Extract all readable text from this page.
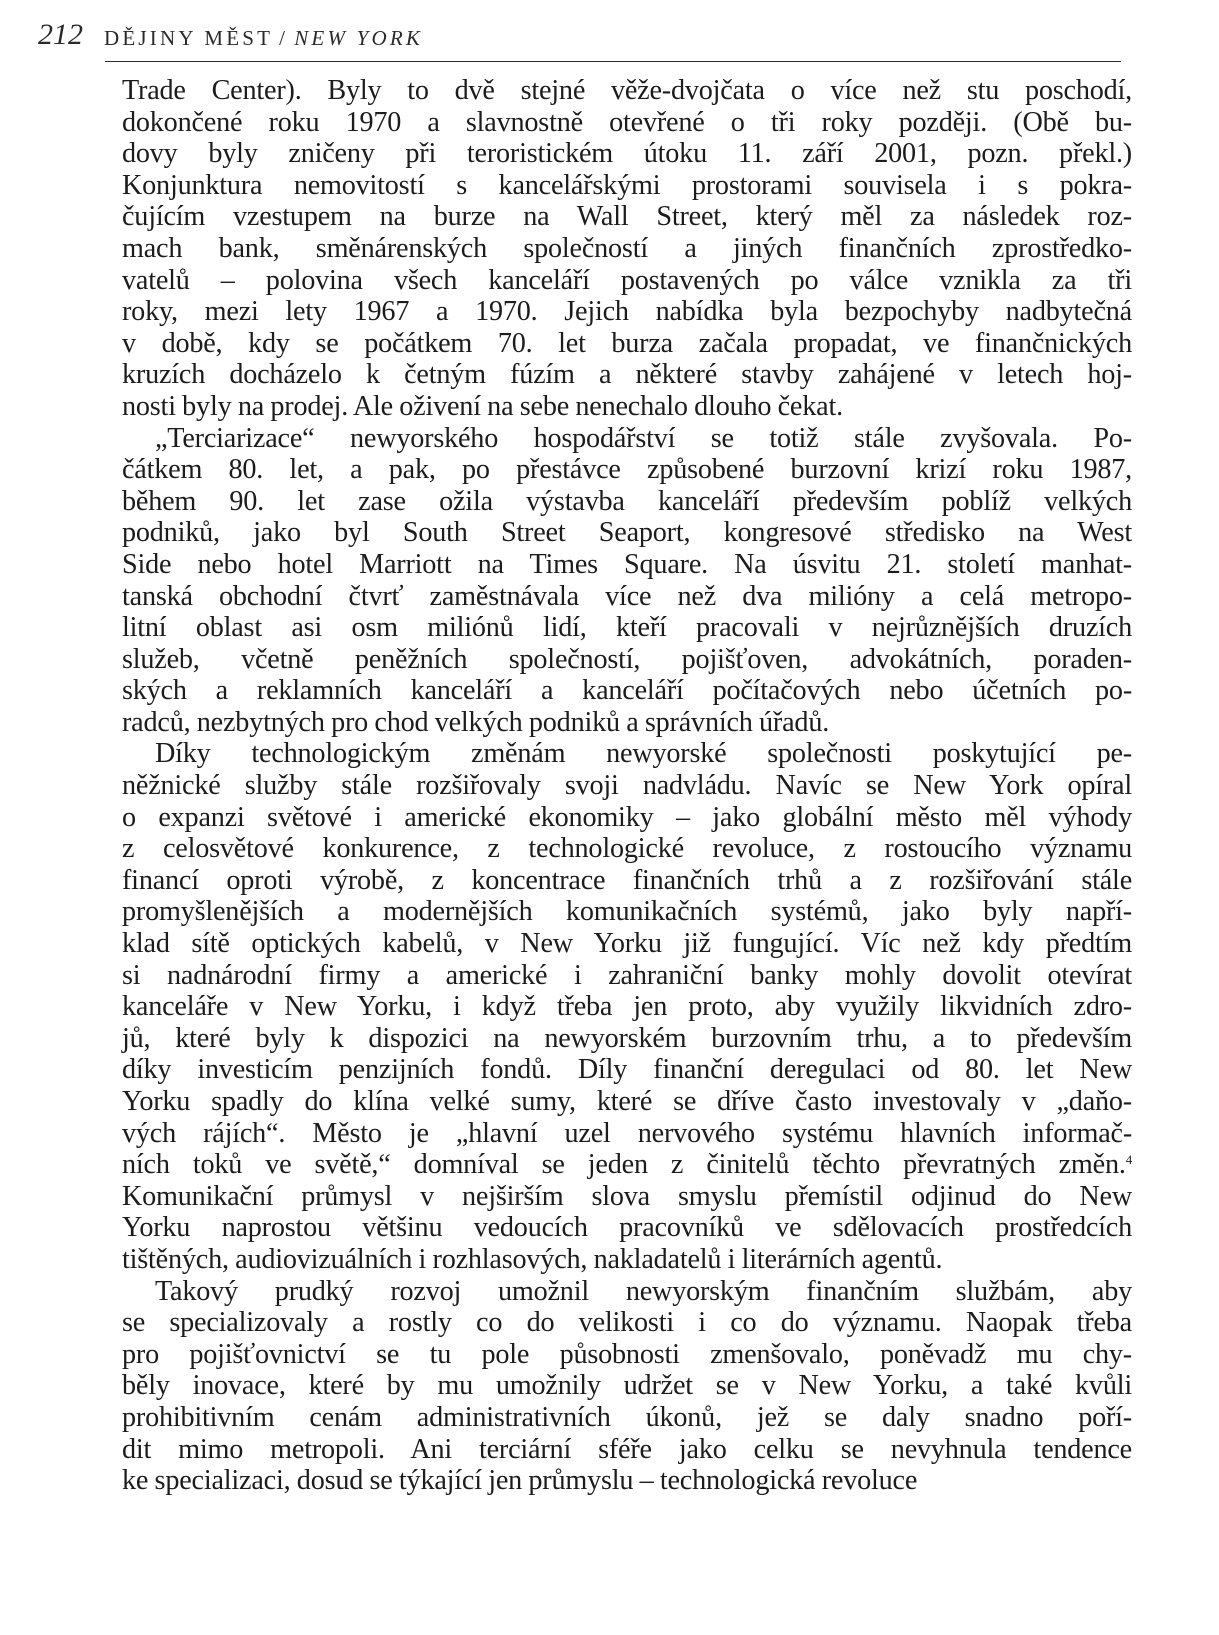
212 DĚJINY MĚST / NEW YORK
Trade Center). Byly to dvě stejné věže-dvojčata o více než stu poschodí,
dokončené roku 1970 a slavnostně otevřené o tři roky později. (Obě bu-
dovy byly zničeny při teroristickém útoku 11. září 2001, pozn. překl.)
Konjunktura nemovitostí s kancelářskými prostorami souvisela i s pokra-
čujícím vzestupem na burze na Wall Street, který měl za následek roz-
mach bank, směnárenských společností a jiných finančních zprostředko-
vatelů – polovina všech kanceláří postavených po válce vznikla za tři
roky, mezi lety 1967 a 1970. Jejich nabídka byla bezpochyby nadbytečná
v době, kdy se počátkem 70. let burza začala propadat, ve finančnických
kruzích docházelo k četným fúzím a některé stavby zahájené v letech hoj-
nosti byly na prodej. Ale oživení na sebe nenechalo dlouho čekat.
„Terciarizace“ newyorského hospodářství se totiž stále zvyšovala. Po-
čátkem 80. let, a pak, po přestávce způsobené burzovní krizí roku 1987,
během 90. let zase ožila výstavba kanceláří především poblíž velkých
podniků, jako byl South Street Seaport, kongresové středisko na West
Side nebo hotel Marriott na Times Square. Na úsvitu 21. století manhat-
tanská obchodní čtvrť zaměstnávala více než dva milióny a celá metropo-
litní oblast asi osm miliónů lidí, kteří pracovali v nejrůznějších druzích
služeb, včetně peněžních společností, pojišťoven, advokátních, poraden-
ských a reklamních kanceláří a kanceláří počítačových nebo účetních po-
radců, nezbytných pro chod velkých podniků a správních úřadů.
Díky technologickým změnám newyorské společnosti poskytující pe-
něžnické služby stále rozšiřovaly svoji nadvládu. Navíc se New York opíral
o expanzi světové i americké ekonomiky – jako globální město měl výhody
z celosvětové konkurence, z technologické revoluce, z rostoucího významu
financí oproti výrobě, z koncentrace finančních trhů a z rozšiřování stále
promyšlenějších a modernějších komunikačních systémů, jako byly napří-
klad sítě optických kabelů, v New Yorku již fungující. Víc než kdy předtím
si nadnárodní firmy a americké i zahraniční banky mohly dovolit otevírat
kanceláře v New Yorku, i když třeba jen proto, aby využily likvidních zdro-
jů, které byly k dispozici na newyorském burzovním trhu, a to především
díky investicím penzijních fondů. Díly finanční deregulaci od 80. let New
Yorku spadly do klína velké sumy, které se dříve často investovaly v „daňo-
vých rájích“. Město je „hlavní uzel nervového systému hlavních informač-
ních toků ve světě,“ domníval se jeden z činitelů těchto převratných změn.$^4$
Komunikační průmysl v nejširším slova smyslu přemístil odjinud do New
Yorku naprostou většinu vedoucích pracovníků ve sdělovacích prostředcích
tištěných, audiovizuálních i rozhlasových, nakladatelů i literárních agentů.
Takový prudký rozvoj umožnil newyorským finančním službám, aby
se specializovaly a rostly co do velikosti i co do významu. Naopak třeba
pro pojišťovnictví se tu pole působnosti zmenšovalo, poněvadž mu chy-
běly inovace, které by mu umožnily udržet se v New Yorku, a také kvůli
prohibitivním cenám administrativních úkonů, jež se daly snadno poří-
dit mimo metropoli. Ani terciární sféře jako celku se nevyhnula tendence
ke specializaci, dosud se týkající jen průmyslu – technologická revoluce
